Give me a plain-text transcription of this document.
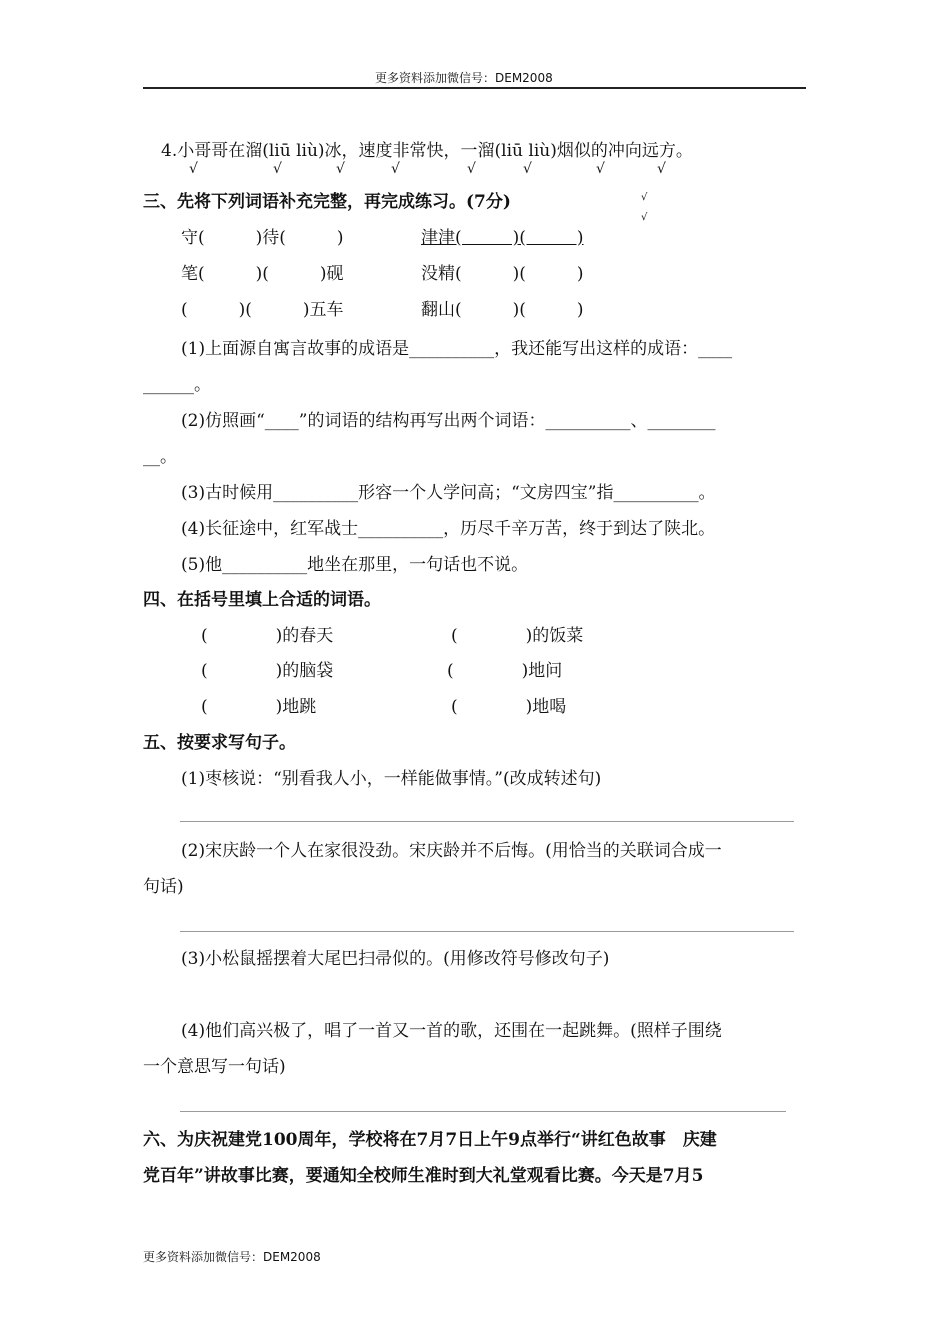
更多资料添加微信号：DEM2008
4.小哥哥在溜(liū liù)冰，速度非常快，一溜(liū liù)烟似的冲向远方。
√	√	√	√	√	√	√	√
√
√
三、先将下列词语补充完整，再完成练习。(7分)
守(　　　)待(　　　)	津津(　　　)(　　　)
笔(　　　)(　　　)砚	没精(　　　)(　　　)
(　　　)(　　　)五车	翻山(　　　)(　　　)
(1)上面源自寓言故事的成语是__________，我还能写出这样的成语：____
______。
(2)仿照画“____”的词语的结构再写出两个词语：__________、________
__。
(3)古时候用__________形容一个人学问高；“文房四宝”指__________。
(4)长征途中，红军战士__________，历尽千辛万苦，终于到达了陕北。
(5)他__________地坐在那里，一句话也不说。
四、在括号里填上合适的词语。
(　　　　)的春天	(　　　　)的饭菜
(　　　　)的脑袋	(　　　　)地问
(　　　　)地跳	(　　　　)地喝
五、按要求写句子。
(1)枣核说：“别看我人小，一样能做事情。”(改成转述句)
(2)宋庆龄一个人在家很没劲。宋庆龄并不后悔。(用恰当的关联词合成一
句话)
(3)小松鼠摇摆着大尾巴扫帚似的。(用修改符号修改句子)
(4)他们高兴极了，唱了一首又一首的歌，还围在一起跳舞。(照样子围绕
一个意思写一句话)
六、为庆祝建党100周年，学校将在7月7日上午9点举行“讲红色故事　庆建
党百年”讲故事比赛，要通知全校师生准时到大礼堂观看比赛。今天是7月5
更多资料添加微信号：DEM2008
